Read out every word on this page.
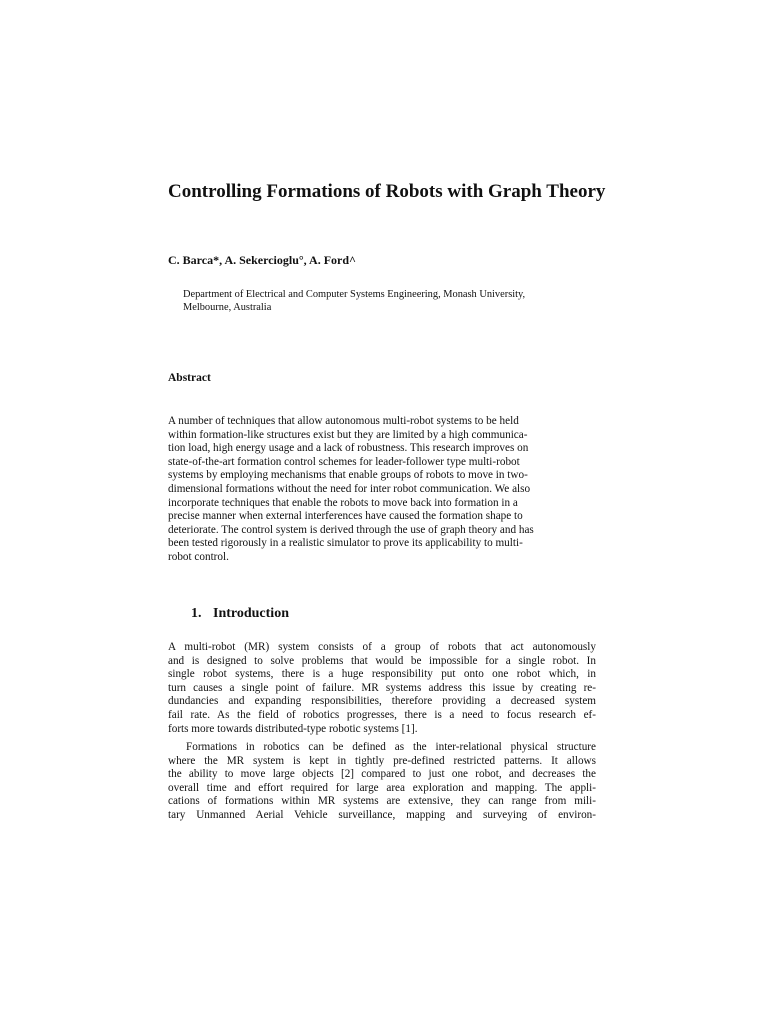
Controlling Formations of Robots with Graph Theory

C. Barca*, A. Sekercioglu°, A. Ford^

Department of Electrical and Computer Systems Engineering, Monash University,
Melbourne, Australia

Abstract
A number of techniques that allow autonomous multi-robot systems to be held
within formation-like structures exist but they are limited by a high communica-
tion load, high energy usage and a lack of robustness. This research improves on
state-of-the-art formation control schemes for leader-follower type multi-robot
systems by employing mechanisms that enable groups of robots to move in two-
dimensional formations without the need for inter robot communication. We also
incorporate techniques that enable the robots to move back into formation in a
precise manner when external interferences have caused the formation shape to
deteriorate. The control system is derived through the use of graph theory and has
been tested rigorously in a realistic simulator to prove its applicability to multi-
robot control.
1. Introduction
A multi-robot (MR) system consists of a group of robots that act autonomously
and is designed to solve problems that would be impossible for a single robot. In
single robot systems, there is a huge responsibility put onto one robot which, in
turn causes a single point of failure. MR systems address this issue by creating re-
dundancies and expanding responsibilities, therefore providing a decreased system
fail rate. As the field of robotics progresses, there is a need to focus research ef-
forts more towards distributed-type robotic systems [1].
Formations in robotics can be defined as the inter-relational physical structure
where the MR system is kept in tightly pre-defined restricted patterns. It allows
the ability to move large objects [2] compared to just one robot, and decreases the
overall time and effort required for large area exploration and mapping. The appli-
cations of formations within MR systems are extensive, they can range from mili-
tary Unmanned Aerial Vehicle surveillance, mapping and surveying of environ-
